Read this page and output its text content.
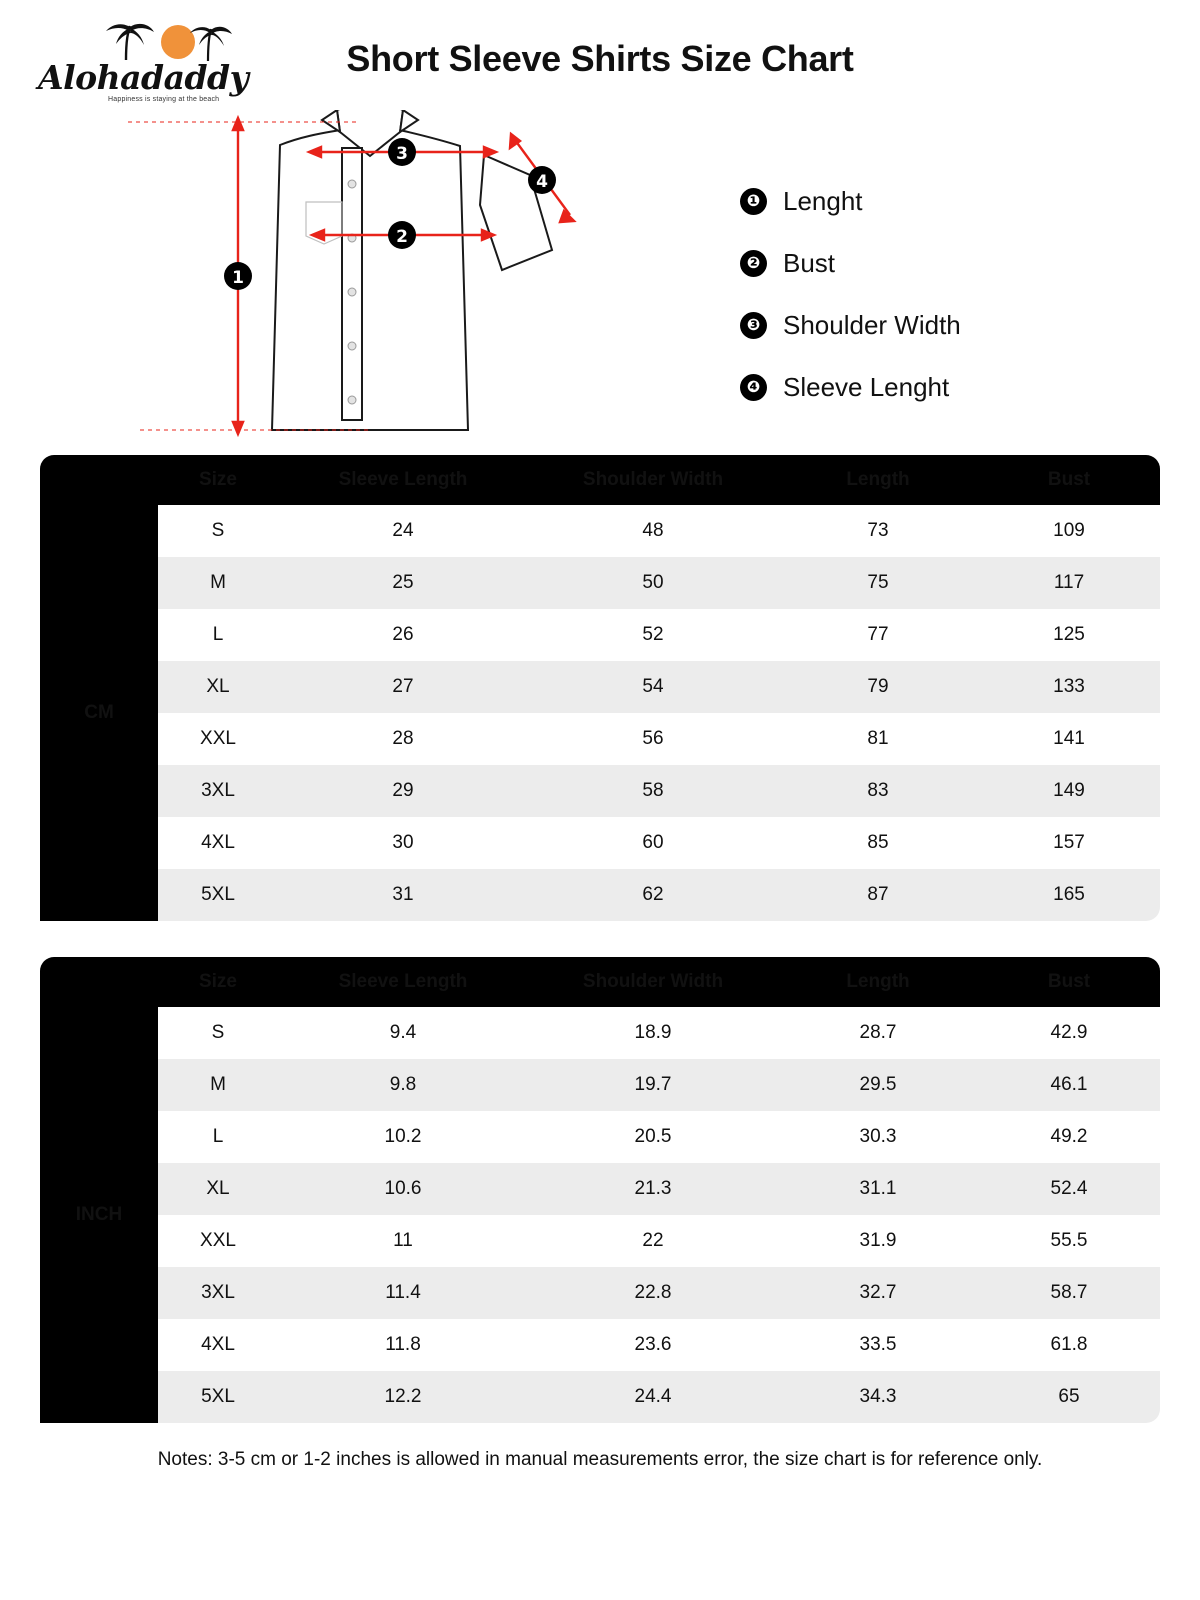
Alohadaddy
Happiness is staying at the beach
Short Sleeve Shirts Size Chart
1
2
3
4
❶ Lenght
❷ Bust
❸ Shoulder Width
❹ Sleeve Lenght
	Size	Sleeve Length	Shoulder Width	Length	Bust
CM	S	24	48	73	109
	M	25	50	75	117
	L	26	52	77	125
	XL	27	54	79	133
	XXL	28	56	81	141
	3XL	29	58	83	149
	4XL	30	60	85	157
	5XL	31	62	87	165
	Size	Sleeve Length	Shoulder Width	Length	Bust
INCH	S	9.4	18.9	28.7	42.9
	M	9.8	19.7	29.5	46.1
	L	10.2	20.5	30.3	49.2
	XL	10.6	21.3	31.1	52.4
	XXL	11	22	31.9	55.5
	3XL	11.4	22.8	32.7	58.7
	4XL	11.8	23.6	33.5	61.8
	5XL	12.2	24.4	34.3	65
Notes: 3-5 cm or 1-2 inches is allowed in manual measurements error, the size chart is for reference only.
